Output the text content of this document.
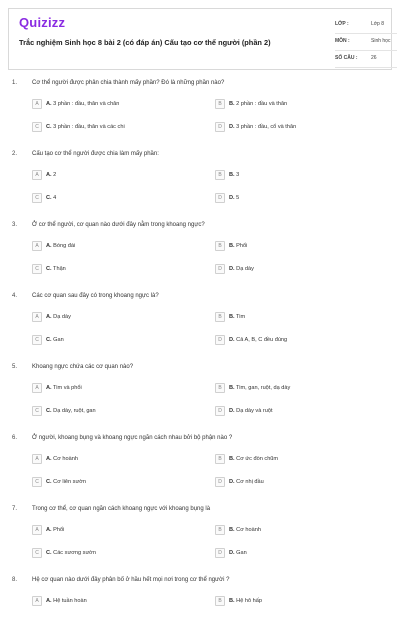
Quizizz
Trắc nghiệm Sinh học 8 bài 2 (có đáp án) Cấu tạo cơ thể người (phần 2)
LỚP :	Lớp 8
MÔN :	Sinh học
SỐ CÂU :	26
1. Cơ thể người được phân chia thành mấy phần? Đó là những phần nào?
A	A. 3 phần : đầu, thân và chân	B	B. 2 phần : đầu và thân
C	C. 3 phần : đầu, thân và các chi	D	D. 3 phần : đầu, cổ và thân
2. Cấu tạo cơ thể người được chia làm mấy phần:
A	A. 2	B	B. 3
C	C. 4	D	D. 5
3. Ở cơ thể người, cơ quan nào dưới đây nằm trong khoang ngực?
A	A. Bóng đái	B	B. Phổi
C	C. Thận	D	D. Dạ dày
4. Các cơ quan sau đây có trong khoang ngực là?
A	A. Dạ dày	B	B. Tim
C	C. Gan	D	D. Cả A, B, C đều đúng
5. Khoang ngực chứa các cơ quan nào?
A	A. Tim và phổi	B	B. Tim, gan, ruột, dạ dày
C	C. Dạ dày, ruột, gan	D	D. Dạ dày và ruột
6. Ở người, khoang bụng và khoang ngực ngăn cách nhau bởi bộ phận nào ?
A	A. Cơ hoành	B	B. Cơ ức đòn chũm
C	C. Cơ liên sườn	D	D. Cơ nhị đầu
7. Trong cơ thể, cơ quan ngăn cách khoang ngực với khoang bụng là
A	A. Phổi	B	B. Cơ hoành
C	C. Các xương sườn	D	D. Gan
8. Hệ cơ quan nào dưới đây phân bố ở hầu hết mọi nơi trong cơ thể người ?
A	A. Hệ tuần hoàn	B	B. Hệ hô hấp
